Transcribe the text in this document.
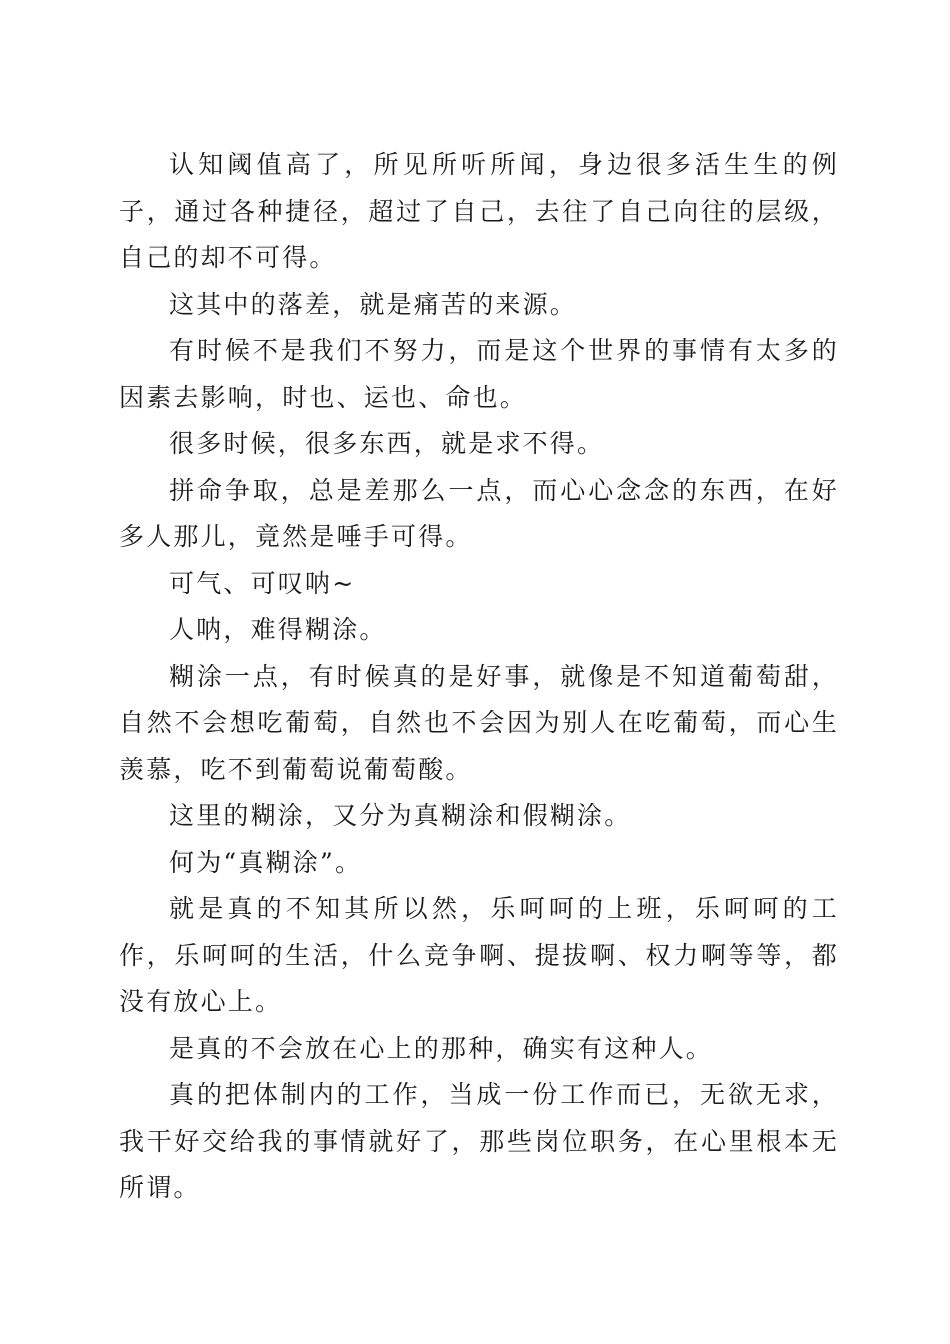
认知阈值高了，所见所听所闻，身边很多活生生的例子，通过各种捷径，超过了自己，去往了自己向往的层级，自己的却不可得。

这其中的落差，就是痛苦的来源。

有时候不是我们不努力，而是这个世界的事情有太多的因素去影响，时也、运也、命也。

很多时候，很多东西，就是求不得。

拼命争取，总是差那么一点，而心心念念的东西，在好多人那儿，竟然是唾手可得。

可气、可叹呐~

人呐，难得糊涂。

糊涂一点，有时候真的是好事，就像是不知道葡萄甜，自然不会想吃葡萄，自然也不会因为别人在吃葡萄，而心生羡慕，吃不到葡萄说葡萄酸。

这里的糊涂，又分为真糊涂和假糊涂。

何为“真糊涂”。

就是真的不知其所以然，乐呵呵的上班，乐呵呵的工作，乐呵呵的生活，什么竞争啊、提拔啊、权力啊等等，都没有放心上。

是真的不会放在心上的那种，确实有这种人。

真的把体制内的工作，当成一份工作而已，无欲无求，我干好交给我的事情就好了，那些岗位职务，在心里根本无所谓。
